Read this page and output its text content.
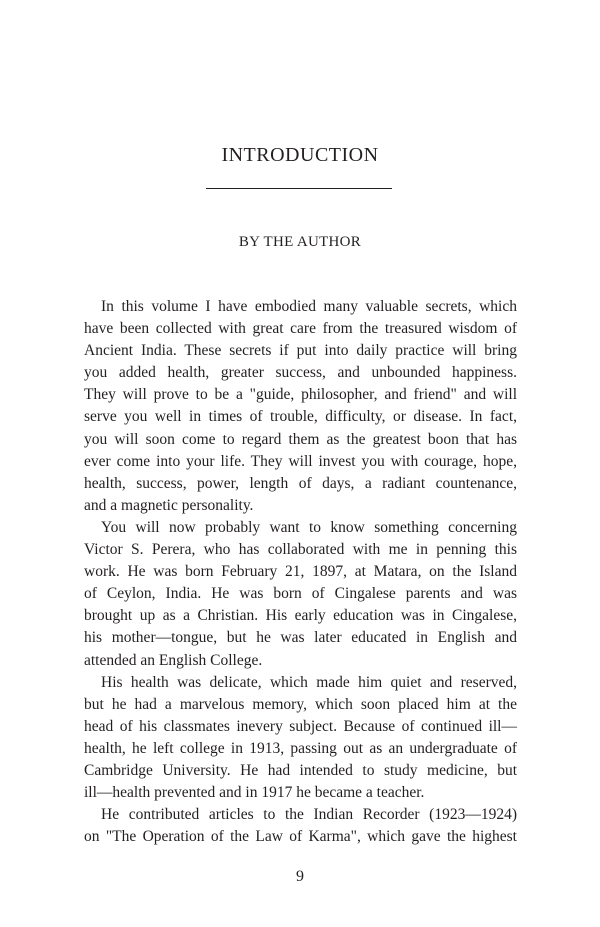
INTRODUCTION
BY THE AUTHOR
In this volume I have embodied many valuable secrets, which
have been collected with great care from the treasured wisdom of
Ancient India. These secrets if put into daily practice will bring
you added health, greater success, and unbounded happiness.
They will prove to be a "guide, philosopher, and friend" and will
serve you well in times of trouble, difficulty, or disease. In fact,
you will soon come to regard them as the greatest boon that has
ever come into your life. They will invest you with courage, hope,
health, success, power, length of days, a radiant countenance,
and a magnetic personality.
You will now probably want to know something concerning
Victor S. Perera, who has collaborated with me in penning this
work. He was born February 21, 1897, at Matara, on the Island
of Ceylon, India. He was born of Cingalese parents and was
brought up as a Christian. His early education was in Cingalese,
his mother—tongue, but he was later educated in English and
attended an English College.
His health was delicate, which made him quiet and reserved,
but he had a marvelous memory, which soon placed him at the
head of his classmates inevery subject. Because of continued ill—
health, he left college in 1913, passing out as an undergraduate of
Cambridge University. He had intended to study medicine, but
ill—health prevented and in 1917 he became a teacher.
He contributed articles to the Indian Recorder (1923—1924)
on "The Operation of the Law of Karma", which gave the highest
9
